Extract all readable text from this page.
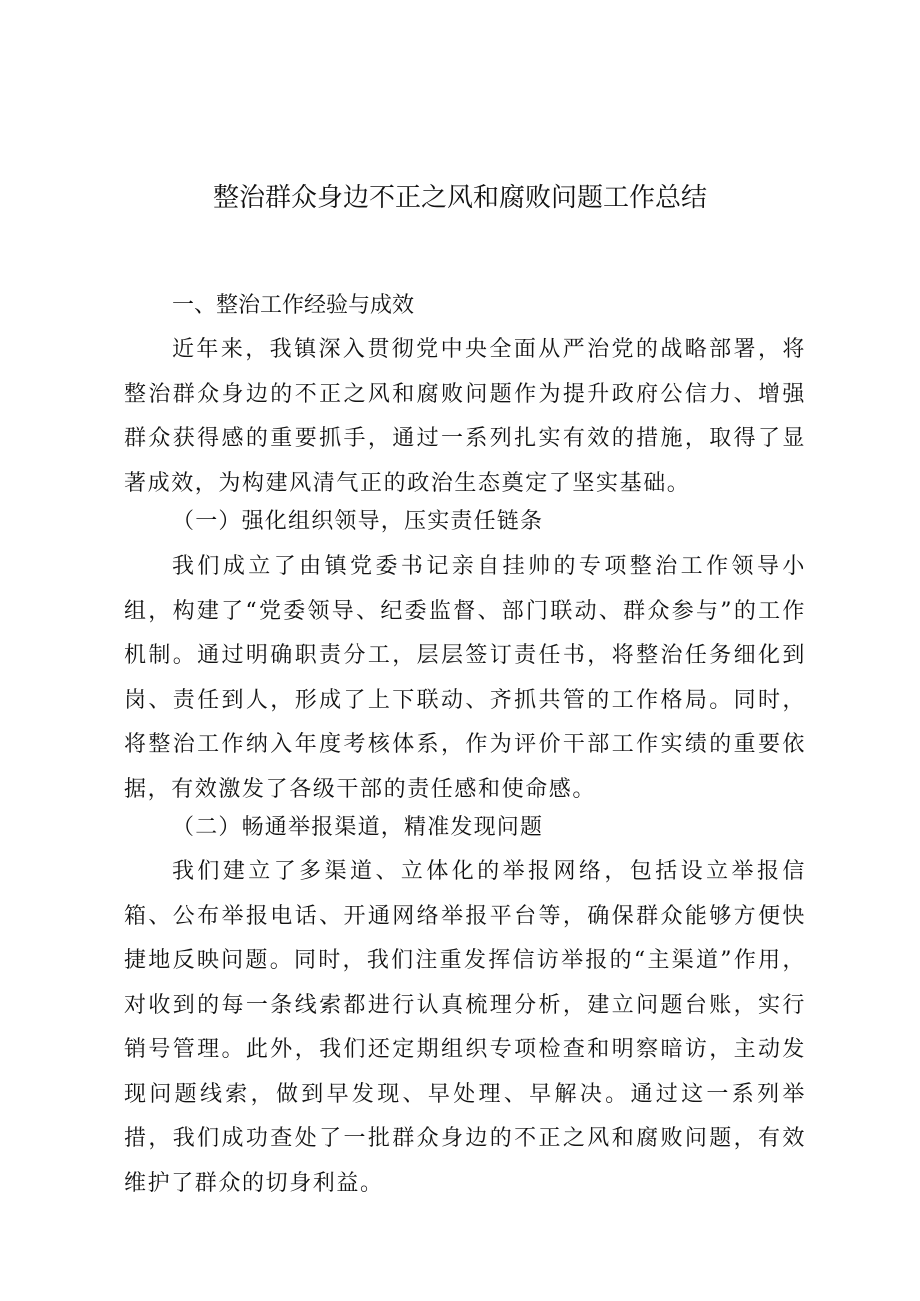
整治群众身边不正之风和腐败问题工作总结
一、整治工作经验与成效

近年来，我镇深入贯彻党中央全面从严治党的战略部署，将整治群众身边的不正之风和腐败问题作为提升政府公信力、增强群众获得感的重要抓手，通过一系列扎实有效的措施，取得了显著成效，为构建风清气正的政治生态奠定了坚实基础。

（一）强化组织领导，压实责任链条

我们成立了由镇党委书记亲自挂帅的专项整治工作领导小组，构建了“党委领导、纪委监督、部门联动、群众参与”的工作机制。通过明确职责分工，层层签订责任书，将整治任务细化到岗、责任到人，形成了上下联动、齐抓共管的工作格局。同时，将整治工作纳入年度考核体系，作为评价干部工作实绩的重要依据，有效激发了各级干部的责任感和使命感。

（二）畅通举报渠道，精准发现问题

我们建立了多渠道、立体化的举报网络，包括设立举报信箱、公布举报电话、开通网络举报平台等，确保群众能够方便快捷地反映问题。同时，我们注重发挥信访举报的“主渠道”作用，对收到的每一条线索都进行认真梳理分析，建立问题台账，实行销号管理。此外，我们还定期组织专项检查和明察暗访，主动发现问题线索，做到早发现、早处理、早解决。通过这一系列举措，我们成功查处了一批群众身边的不正之风和腐败问题，有效维护了群众的切身利益。
